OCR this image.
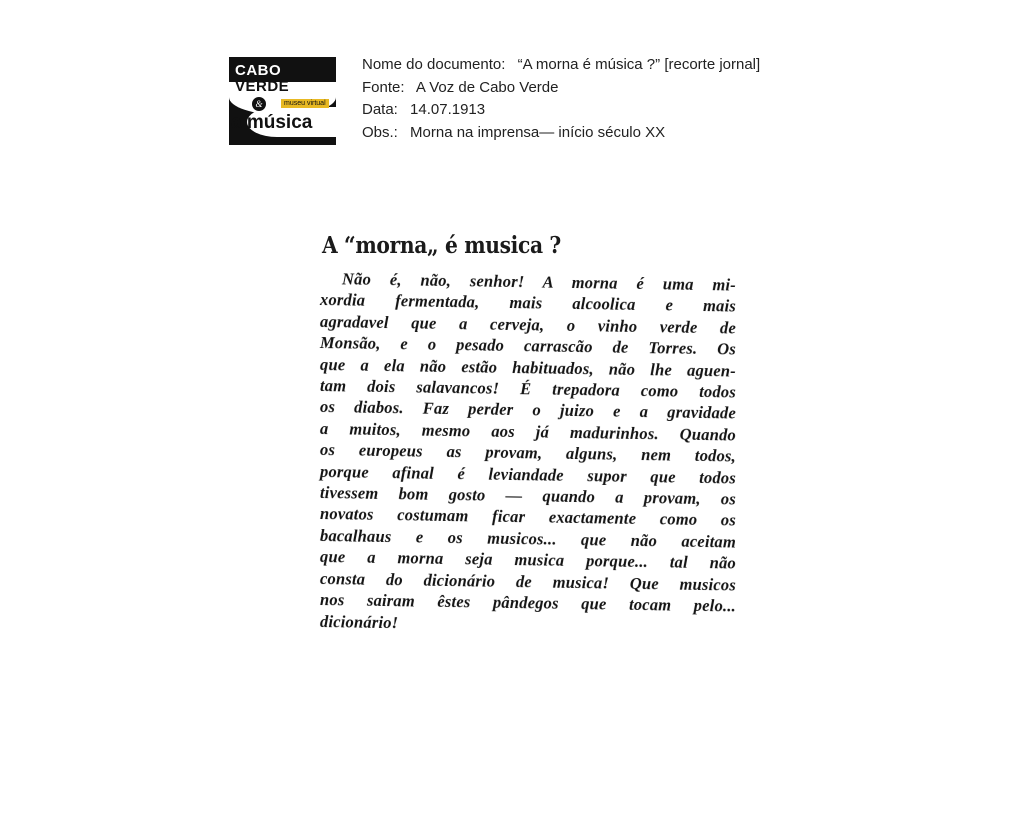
CABO
VERDE
&	museu virtual
a música
Nome do documento: “A morna é música ?” [recorte jornal]
Fonte: A Voz de Cabo Verde
Data: 14.07.1913
Obs.: Morna na imprensa— início século XX
A “morna„ é musica ?
Não é, não, senhor! A morna é uma mi-
xordia fermentada, mais alcoolica e mais
agradavel que a cerveja, o vinho verde de
Monsão, e o pesado carrascão de Torres. Os
que a ela não estão habituados, não lhe aguen-
tam dois salavancos! É trepadora como todos
os diabos. Faz perder o juizo e a gravidade
a muitos, mesmo aos já madurinhos. Quando
os europeus as provam, alguns, nem todos,
porque afinal é leviandade supor que todos
tivessem bom gosto — quando a provam, os
novatos costumam ficar exactamente como os
bacalhaus e os musicos... que não aceitam
que a morna seja musica porque... tal não
consta do dicionário de musica! Que musicos
nos sairam êstes pândegos que tocam pelo...
dicionário!
